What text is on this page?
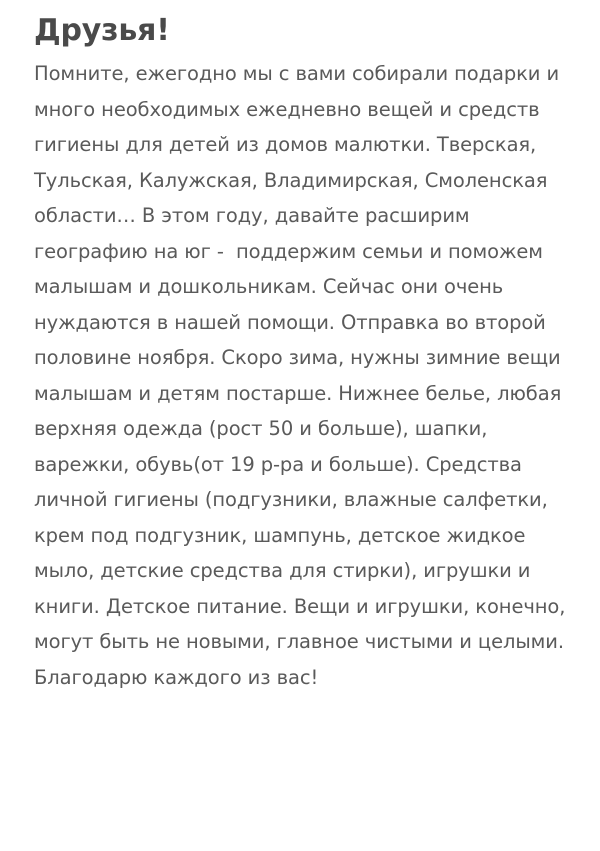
Друзья!

Помните, ежегодно мы с вами собирали подарки и много необходимых ежедневно вещей и средств гигиены для детей из домов малютки. Тверская, Тульская, Калужская, Владимирская, Смоленская области… В этом году, давайте расширим географию на юг -  поддержим семьи и поможем малышам и дошкольникам. Сейчас они очень нуждаются в нашей помощи. Отправка во второй половине ноября. Скоро зима, нужны зимние вещи малышам и детям постарше. Нижнее белье, любая верхняя одежда (рост 50 и больше), шапки, варежки, обувь(от 19 р-ра и больше). Средства личной гигиены (подгузники, влажные салфетки, крем под подгузник, шампунь, детское жидкое мыло, детские средства для стирки), игрушки и книги. Детское питание. Вещи и игрушки, конечно, могут быть не новыми, главное чистыми и целыми. Благодарю каждого из вас!
